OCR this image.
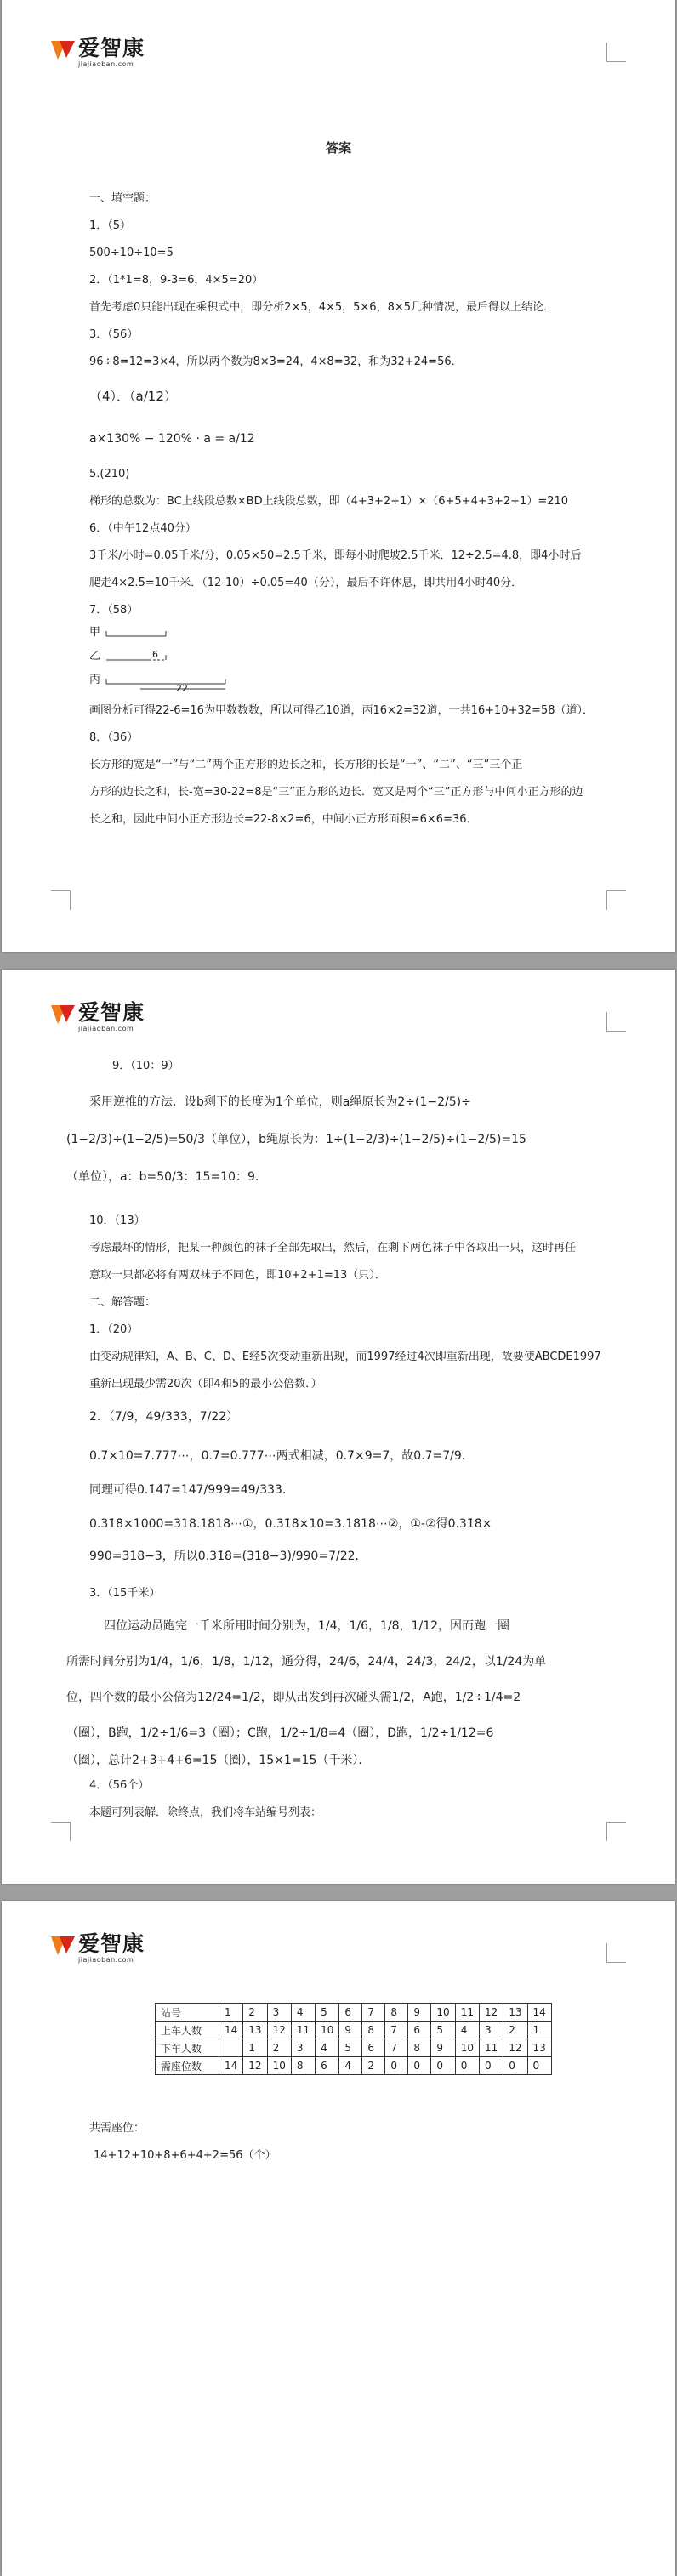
爱智康
jiajiaoban.com
答案
一、填空题：
1．（5）
500÷10÷10=5
2．（1*1=8，9-3=6，4×5=20）
首先考虑0只能出现在乘积式中，即分析2×5，4×5，5×6，8×5几种情况，最后得以上结论．
3．（56）
96÷8=12=3×4，所以两个数为8×3=24，4×8=32，和为32+24=56．
（4）．（a/12）
a×130% − 120% · a = a/12
5.(210)
梯形的总数为：BC上线段总数×BD上线段总数，即（4+3+2+1）×（6+5+4+3+2+1）=210
6．（中午12点40分）
3千米/小时=0.05千米/分，0.05×50=2.5千米，即每小时爬坡2.5千米．12÷2.5=4.8，即4小时后
爬走4×2.5=10千米．（12-10）÷0.05=40（分），最后不许休息，即共用4小时40分．
7．（58）
甲
乙
丙
6
22
画图分析可得22-6=16为甲数数数，所以可得乙10道，丙16×2=32道，一共16+10+32=58（道）．
8．（36）
长方形的宽是“一”与“二”两个正方形的边长之和，长方形的长是“一”、“二”、“三”三个正
方形的边长之和，长-宽=30-22=8是“三”正方形的边长．宽又是两个“三”正方形与中间小正方形的边
长之和，因此中间小正方形边长=22-8×2=6，中间小正方形面积=6×6=36．
爱智康
jiajiaoban.com
9．（10：9）
采用逆推的方法．设b剩下的长度为1个单位，则a绳原长为2÷(1−2/5)÷
(1−2/3)÷(1−2/5)=50/3（单位），b绳原长为：1÷(1−2/3)÷(1−2/5)÷(1−2/5)=15
（单位），a：b=50/3：15=10：9．
10．（13）
考虑最坏的情形，把某一种颜色的袜子全部先取出，然后，在剩下两色袜子中各取出一只，这时再任
意取一只都必将有两双袜子不同色，即10+2+1=13（只）．
二、解答题：
1．（20）
由变动规律知，A、B、C、D、E经5次变动重新出现，而1997经过4次即重新出现，故要使ABCDE1997
重新出现最少需20次（即4和5的最小公倍数．）
2．（7/9，49/333，7/22）
0.7̇×10=7.777⋯，0.7̇=0.777⋯两式相减，0.7̇×9=7，故0.7̇=7/9．
同理可得0.1̇4̇7̇=147/999=49/333．
0.31̇8̇×1000=318.1818⋯①，0.31̇8̇×10=3.1818⋯②，①-②得0.31̇8̇×
990=318−3，所以0.31̇8̇=(318−3)/990=7/22．
3．（15千米）
四位运动员跑完一千米所用时间分别为，1/4，1/6，1/8，1/12，因而跑一圈
所需时间分别为1/4，1/6，1/8，1/12，通分得，24/6，24/4，24/3，24/2，以1/24为单
位，四个数的最小公倍为12/24=1/2，即从出发到再次碰头需1/2，A跑，1/2÷1/4=2
（圈），B跑，1/2÷1/6=3（圈）；C跑，1/2÷1/8=4（圈），D跑，1/2÷1/12=6
（圈），总计2+3+4+6=15（圈），15×1=15（千米）．
4．（56个）
本题可列表解．除终点，我们将车站编号列表：
爱智康
jiajiaoban.com
站号	1	2	3	4	5	6	7	8	9	10	11	12	13	14
上车人数	14	13	12	11	10	9	8	7	6	5	4	3	2	1
下车人数		1	2	3	4	5	6	7	8	9	10	11	12	13
需座位数	14	12	10	8	6	4	2	0	0	0	0	0	0	0
共需座位：
14+12+10+8+6+4+2=56（个）
